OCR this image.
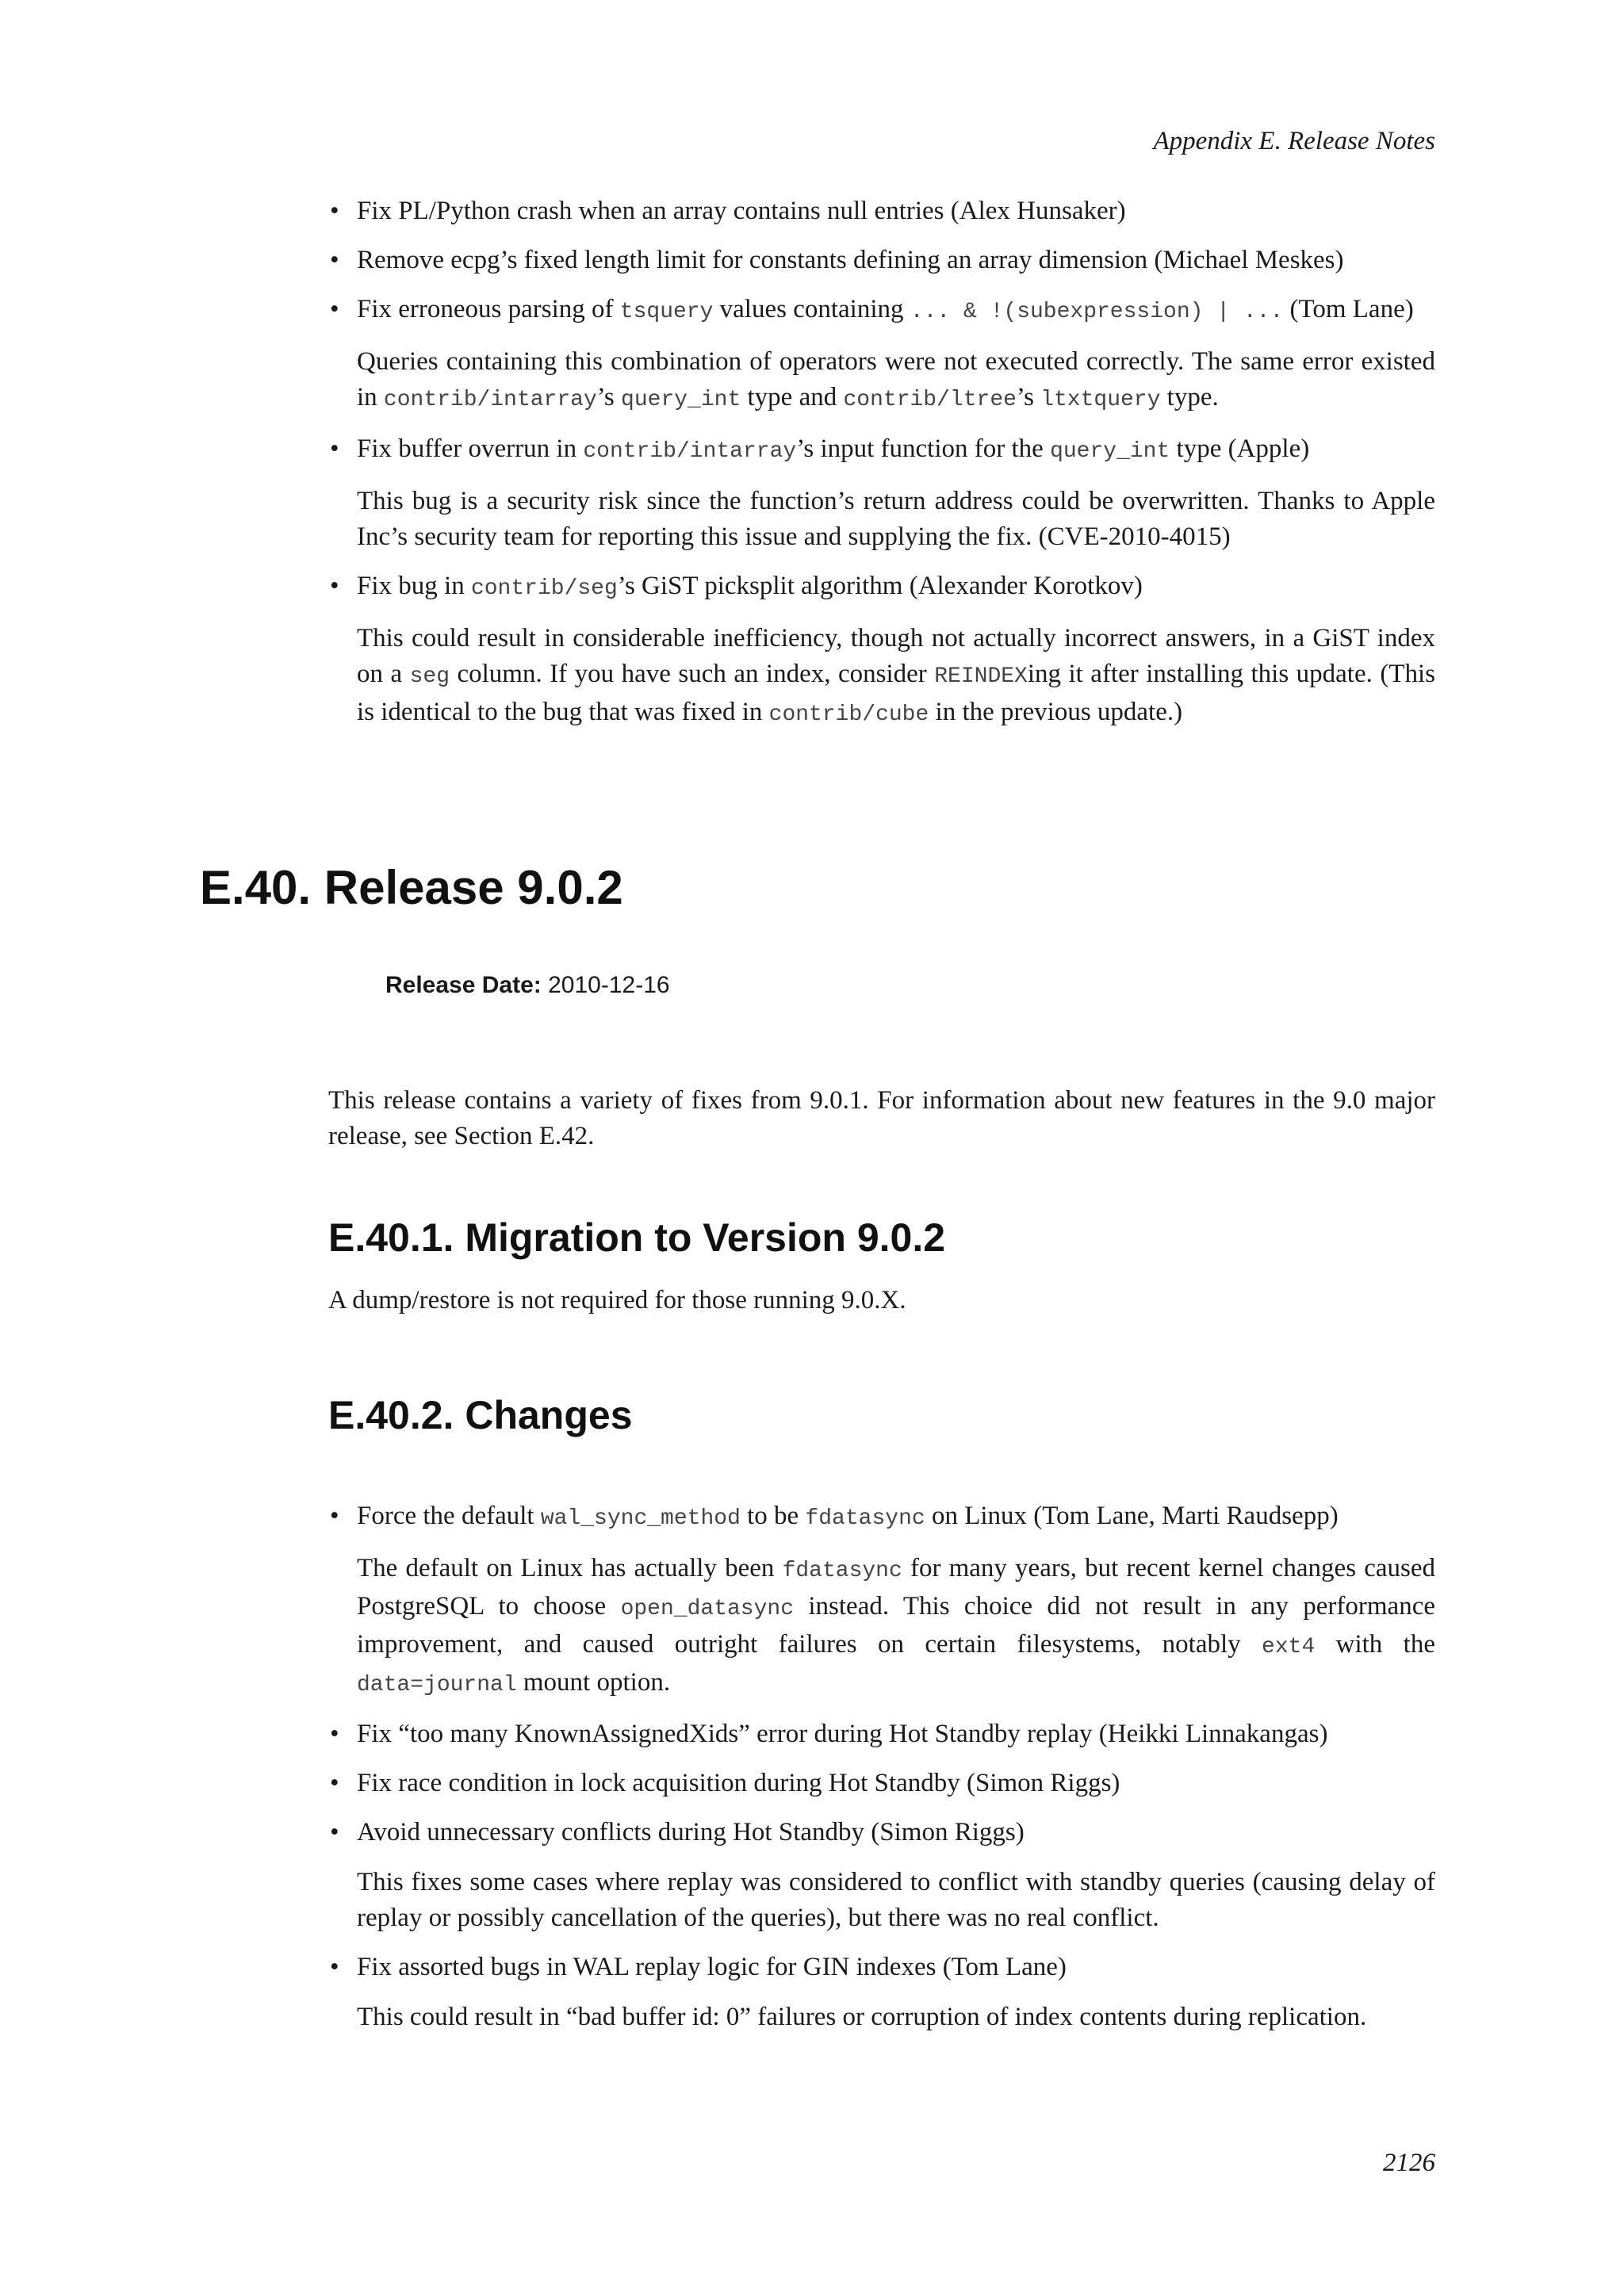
Appendix E. Release Notes
• Fix PL/Python crash when an array contains null entries (Alex Hunsaker)
• Remove ecpg’s fixed length limit for constants defining an array dimension (Michael Meskes)
• Fix erroneous parsing of tsquery values containing ... & !(subexpression) | ... (Tom Lane)
Queries containing this combination of operators were not executed correctly. The same error existed in contrib/intarray’s query_int type and contrib/ltree’s ltxtquery type.
• Fix buffer overrun in contrib/intarray’s input function for the query_int type (Apple)
This bug is a security risk since the function’s return address could be overwritten. Thanks to Apple Inc’s security team for reporting this issue and supplying the fix. (CVE-2010-4015)
• Fix bug in contrib/seg’s GiST picksplit algorithm (Alexander Korotkov)
This could result in considerable inefficiency, though not actually incorrect answers, in a GiST index on a seg column. If you have such an index, consider REINDEXing it after installing this update. (This is identical to the bug that was fixed in contrib/cube in the previous update.)
E.40. Release 9.0.2
Release Date: 2010-12-16
This release contains a variety of fixes from 9.0.1. For information about new features in the 9.0 major release, see Section E.42.
E.40.1. Migration to Version 9.0.2
A dump/restore is not required for those running 9.0.X.
E.40.2. Changes
• Force the default wal_sync_method to be fdatasync on Linux (Tom Lane, Marti Raudsepp)
The default on Linux has actually been fdatasync for many years, but recent kernel changes caused PostgreSQL to choose open_datasync instead. This choice did not result in any performance improvement, and caused outright failures on certain filesystems, notably ext4 with the data=journal mount option.
• Fix “too many KnownAssignedXids” error during Hot Standby replay (Heikki Linnakangas)
• Fix race condition in lock acquisition during Hot Standby (Simon Riggs)
• Avoid unnecessary conflicts during Hot Standby (Simon Riggs)
This fixes some cases where replay was considered to conflict with standby queries (causing delay of replay or possibly cancellation of the queries), but there was no real conflict.
• Fix assorted bugs in WAL replay logic for GIN indexes (Tom Lane)
This could result in “bad buffer id: 0” failures or corruption of index contents during replication.
2126
